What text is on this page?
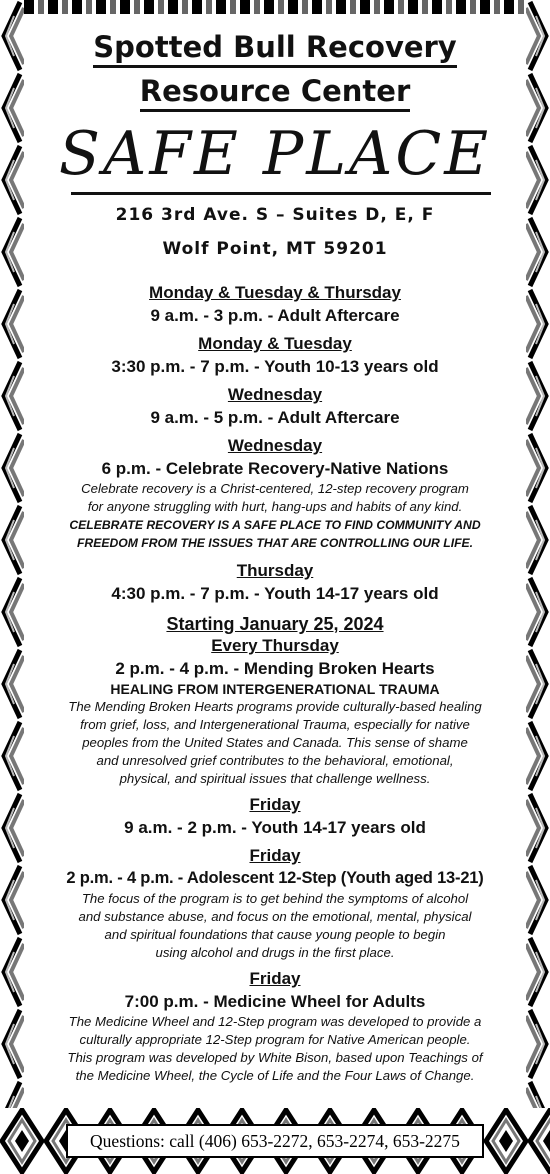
Spotted Bull Recovery
Resource Center
SAFE PLACE
216 3rd Ave. S – Suites D, E, F
Wolf Point, MT 59201
Monday & Tuesday & Thursday
9 a.m. - 3 p.m. - Adult Aftercare
Monday & Tuesday
3:30 p.m. - 7 p.m. - Youth 10-13 years old
Wednesday
9 a.m. - 5 p.m. - Adult Aftercare
Wednesday
6 p.m. - Celebrate Recovery-Native Nations
Celebrate recovery is a Christ-centered, 12-step recovery program
for anyone struggling with hurt, hang-ups and habits of any kind.
CELEBRATE RECOVERY IS A SAFE PLACE TO FIND COMMUNITY AND
FREEDOM FROM THE ISSUES THAT ARE CONTROLLING OUR LIFE.
Thursday
4:30 p.m. - 7 p.m. - Youth 14-17 years old
Starting January 25, 2024
Every Thursday
2 p.m. - 4 p.m. - Mending Broken Hearts
HEALING FROM INTERGENERATIONAL TRAUMA
The Mending Broken Hearts programs provide culturally-based healing
from grief, loss, and Intergenerational Trauma, especially for native
peoples from the United States and Canada. This sense of shame
and unresolved grief contributes to the behavioral, emotional,
physical, and spiritual issues that challenge wellness.
Friday
9 a.m. - 2 p.m. - Youth 14-17 years old
Friday
2 p.m. - 4 p.m. - Adolescent 12-Step (Youth aged 13-21)
The focus of the program is to get behind the symptoms of alcohol
and substance abuse, and focus on the emotional, mental, physical
and spiritual foundations that cause young people to begin
using alcohol and drugs in the first place.
Friday
7:00 p.m. - Medicine Wheel for Adults
The Medicine Wheel and 12-Step program was developed to provide a
culturally appropriate 12-Step program for Native American people.
This program was developed by White Bison, based upon Teachings of
the Medicine Wheel, the Cycle of Life and the Four Laws of Change.
Questions: call (406) 653-2272, 653-2274, 653-2275
